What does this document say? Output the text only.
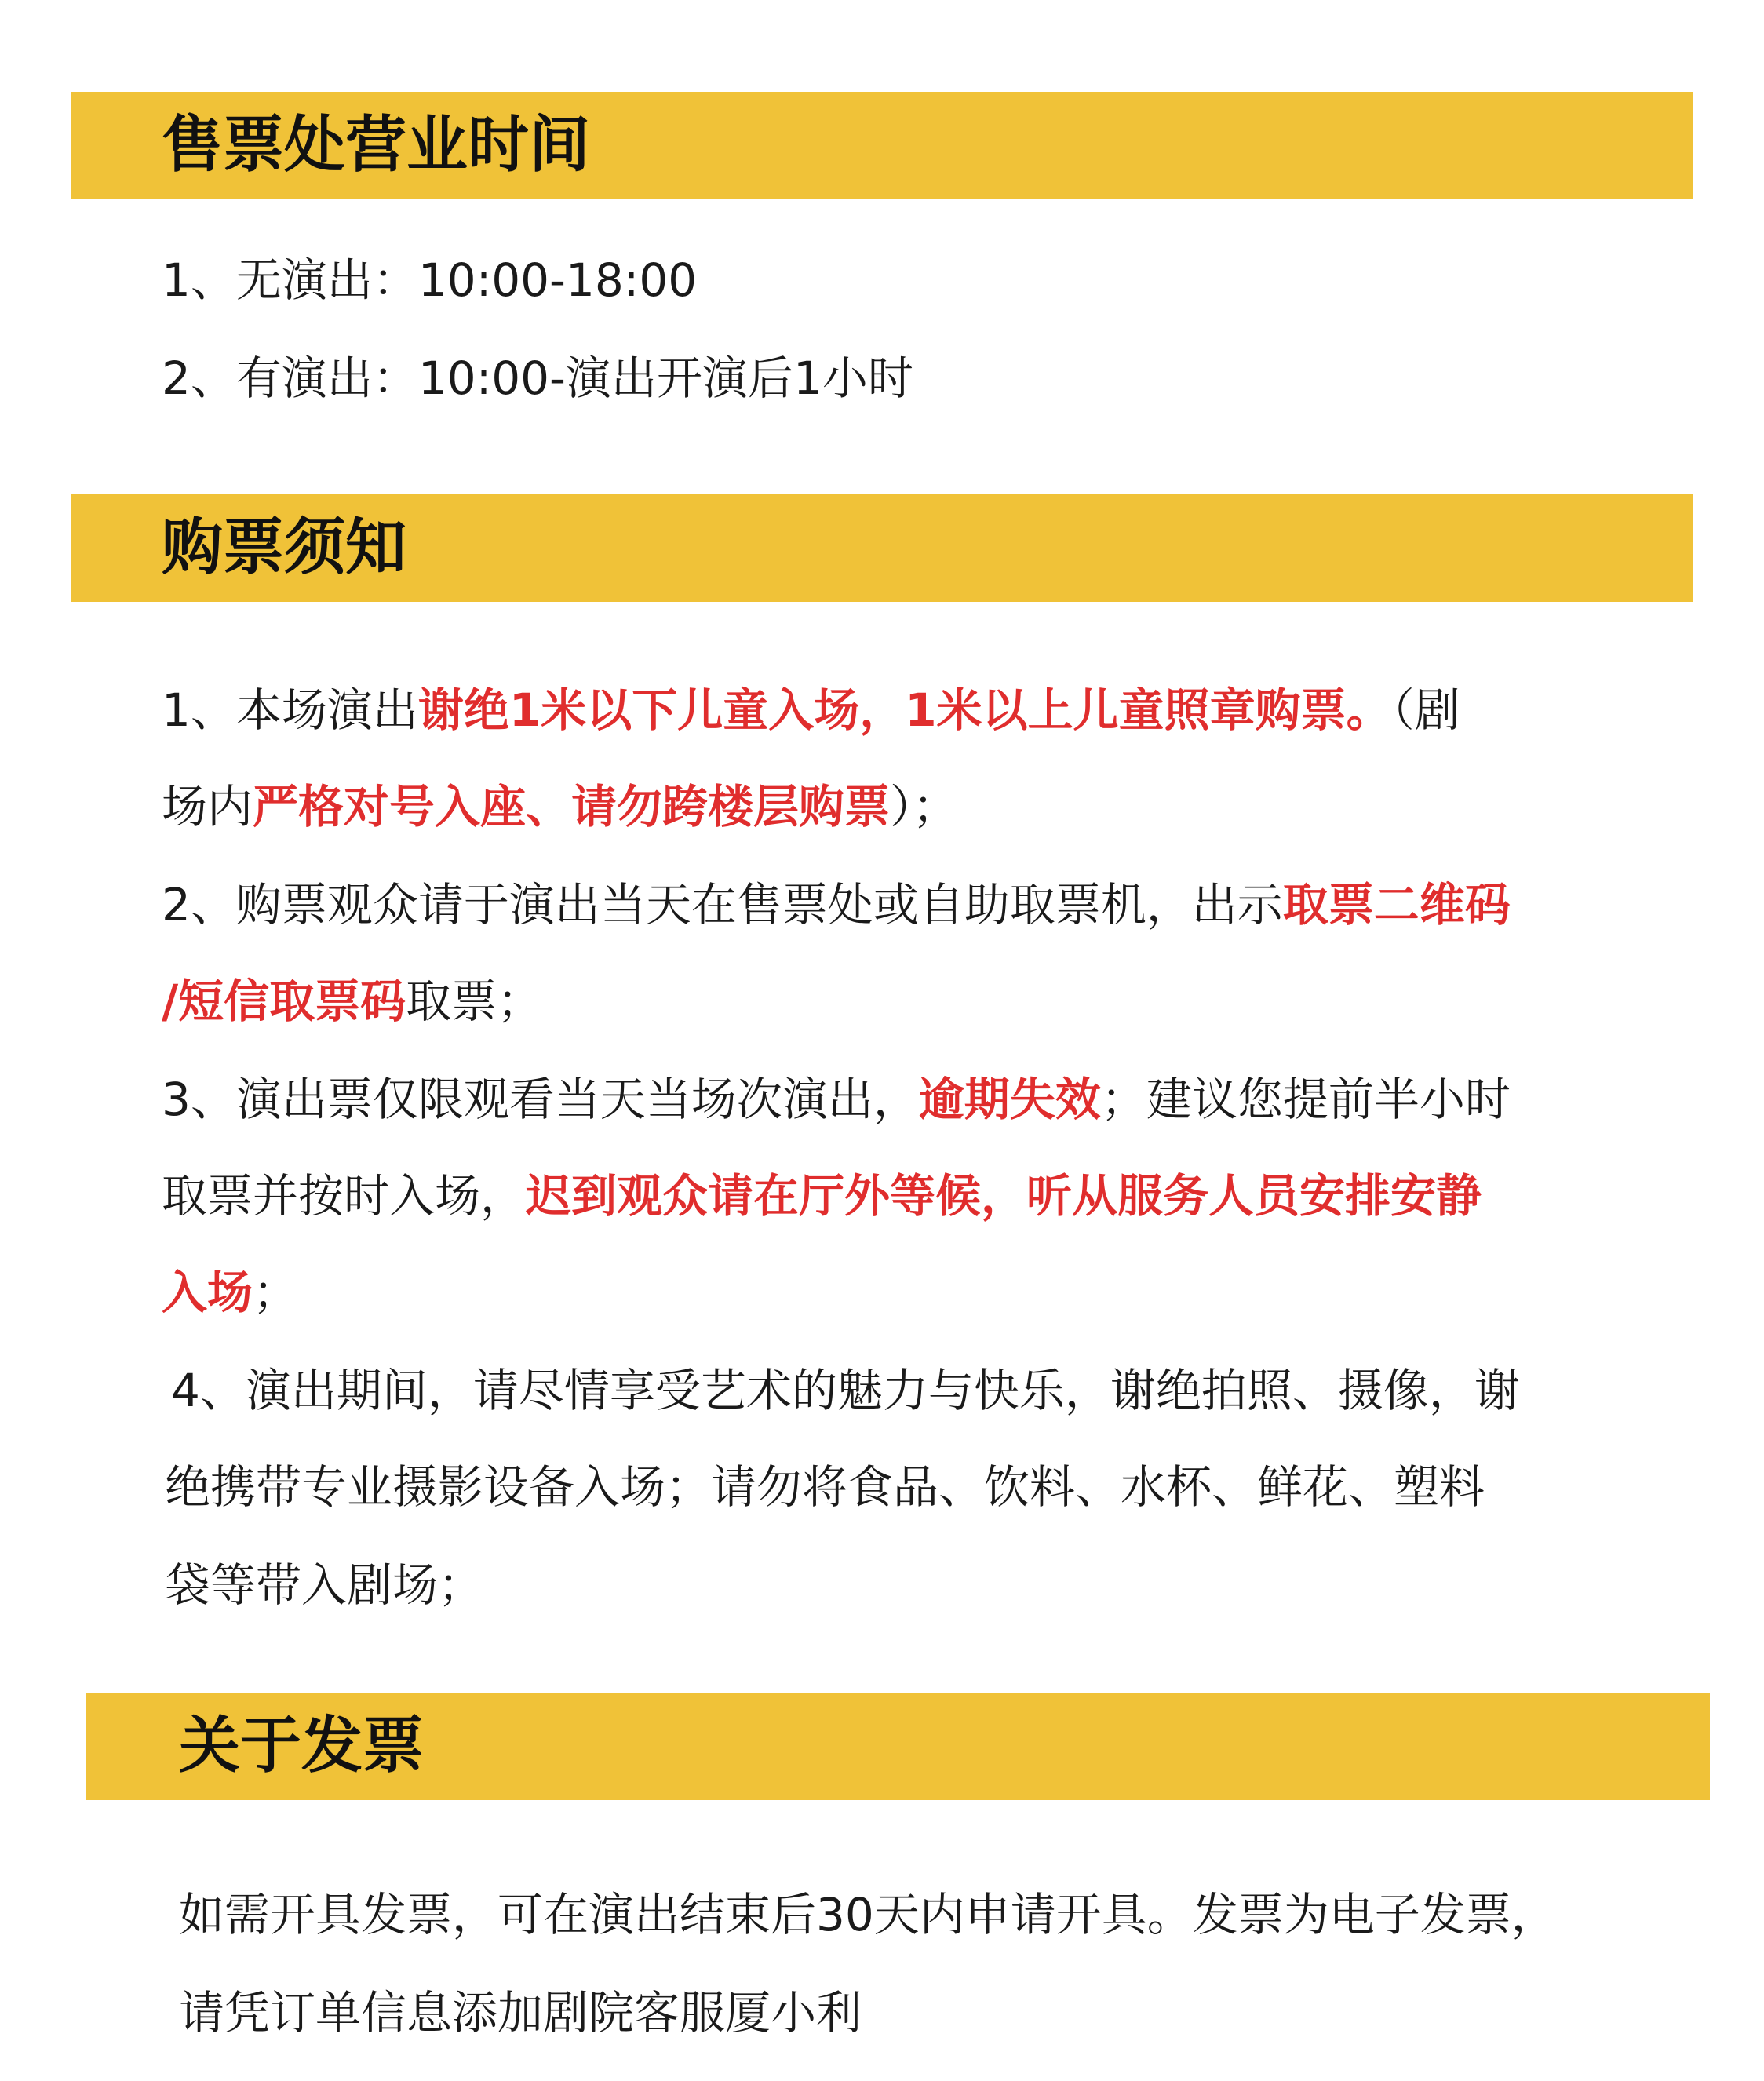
售票处营业时间
1、无演出：10:00-18:00
2、有演出：10:00-演出开演后1小时
购票须知
1、本场演出谢绝1米以下儿童入场，1米以上儿童照章购票。（剧
场内严格对号入座、请勿跨楼层购票）；
2、购票观众请于演出当天在售票处或自助取票机，出示取票二维码
/短信取票码取票；
3、演出票仅限观看当天当场次演出，逾期失效；建议您提前半小时
取票并按时入场，迟到观众请在厅外等候，听从服务人员安排安静
入场；
4、演出期间，请尽情享受艺术的魅力与快乐，谢绝拍照、摄像，谢
绝携带专业摄影设备入场；请勿将食品、饮料、水杯、鲜花、塑料
袋等带入剧场；
关于发票
如需开具发票，可在演出结束后30天内申请开具。发票为电子发票，
请凭订单信息添加剧院客服厦小利
